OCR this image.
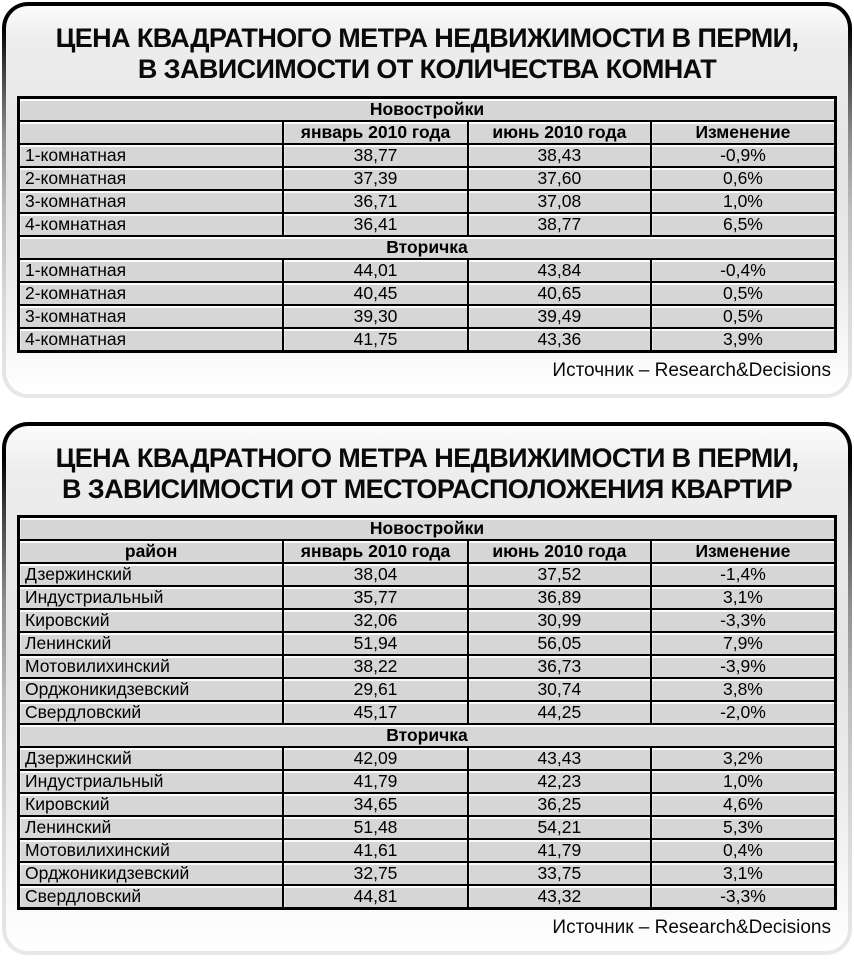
ЦЕНА КВАДРАТНОГО МЕТРА НЕДВИЖИМОСТИ В ПЕРМИ,
В ЗАВИСИМОСТИ ОТ КОЛИЧЕСТВА КОМНАТ
Новостройки			
	январь 2010 года	июнь 2010 года	Изменение
1-комнатная	38,77	38,43	-0,9%
2-комнатная	37,39	37,60	0,6%
3-комнатная	36,71	37,08	1,0%
4-комнатная	36,41	38,77	6,5%
Вторичка			
1-комнатная	44,01	43,84	-0,4%
2-комнатная	40,45	40,65	0,5%
3-комнатная	39,30	39,49	0,5%
4-комнатная	41,75	43,36	3,9%
Источник – Research&Decisions
ЦЕНА КВАДРАТНОГО МЕТРА НЕДВИЖИМОСТИ В ПЕРМИ,
В ЗАВИСИМОСТИ ОТ МЕСТОРАСПОЛОЖЕНИЯ КВАРТИР
Новостройки			
район	январь 2010 года	июнь 2010 года	Изменение
Дзержинский	38,04	37,52	-1,4%
Индустриальный	35,77	36,89	3,1%
Кировский	32,06	30,99	-3,3%
Ленинский	51,94	56,05	7,9%
Мотовилихинский	38,22	36,73	-3,9%
Орджоникидзевский	29,61	30,74	3,8%
Свердловский	45,17	44,25	-2,0%
Вторичка			
Дзержинский	42,09	43,43	3,2%
Индустриальный	41,79	42,23	1,0%
Кировский	34,65	36,25	4,6%
Ленинский	51,48	54,21	5,3%
Мотовилихинский	41,61	41,79	0,4%
Орджоникидзевский	32,75	33,75	3,1%
Свердловский	44,81	43,32	-3,3%
Источник – Research&Decisions
